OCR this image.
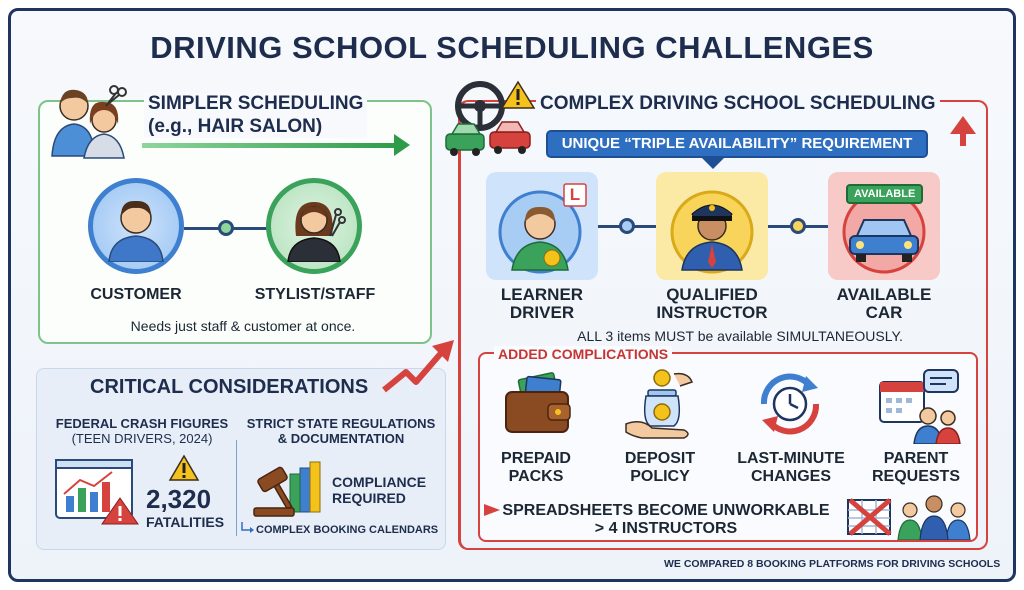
DRIVING SCHOOL SCHEDULING CHALLENGES
SIMPLER SCHEDULING
(e.g., HAIR SALON)
CUSTOMER	STYLIST/STAFF
Needs just staff & customer at once.
CRITICAL CONSIDERATIONS
FEDERAL CRASH FIGURES
(TEEN DRIVERS, 2024)
2,320
FATALITIES
STRICT STATE REGULATIONS
& DOCUMENTATION
COMPLIANCE
REQUIRED
COMPLEX BOOKING CALENDARS
COMPLEX DRIVING SCHOOL SCHEDULING
UNIQUE “TRIPLE AVAILABILITY” REQUIREMENT
L
LEARNER
DRIVER
QUALIFIED
INSTRUCTOR
AVAILABLE
AVAILABLE
CAR
ALL 3 items MUST be available SIMULTANEOUSLY.
ADDED COMPLICATIONS
PREPAID
PACKS
DEPOSIT
POLICY
LAST-MINUTE
CHANGES
PARENT
REQUESTS
SPREADSHEETS BECOME UNWORKABLE
> 4 INSTRUCTORS
WE COMPARED 8 BOOKING PLATFORMS FOR DRIVING SCHOOLS
